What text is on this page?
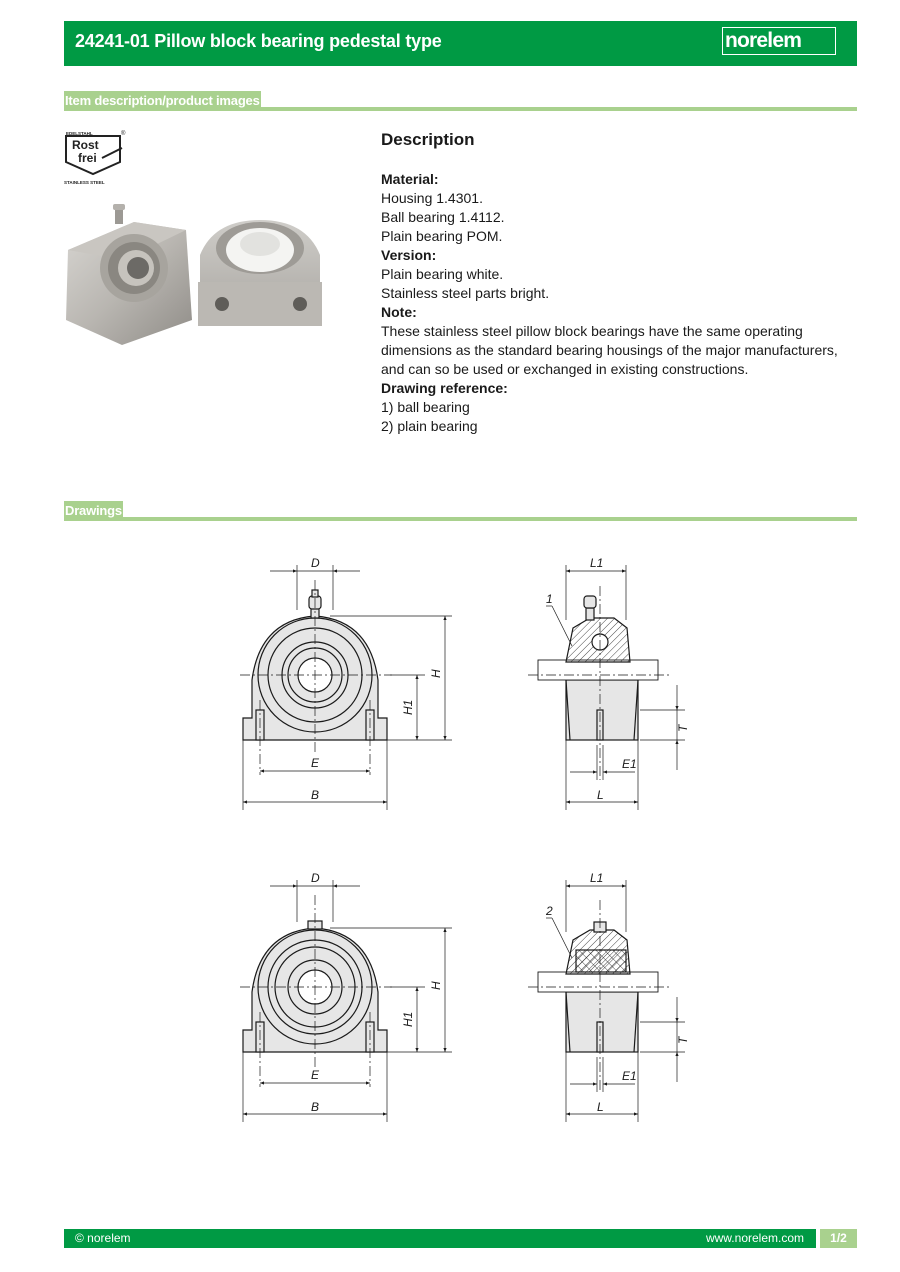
24241-01 Pillow block bearing pedestal type	norelem
Item description/product images
EDELSTAHL	®
Rost
frei
STAINLESS STEEL
Description

Material:

Housing 1.4301.

Ball bearing 1.4112.

Plain bearing POM.

Version:

Plain bearing white.

Stainless steel parts bright.

Note:

These stainless steel pillow block bearings have the same operating dimensions as the standard bearing housings of the major manufacturers, and can so be used or exchanged in existing constructions.

Drawing reference:

1) ball bearing

2) plain bearing

Drawings
D
H
H1
E
B
L1
L
E1
T
1
D
H
H1
E
B
L1
L
E1
T
2
© norelem	www.norelem.com	1/2
